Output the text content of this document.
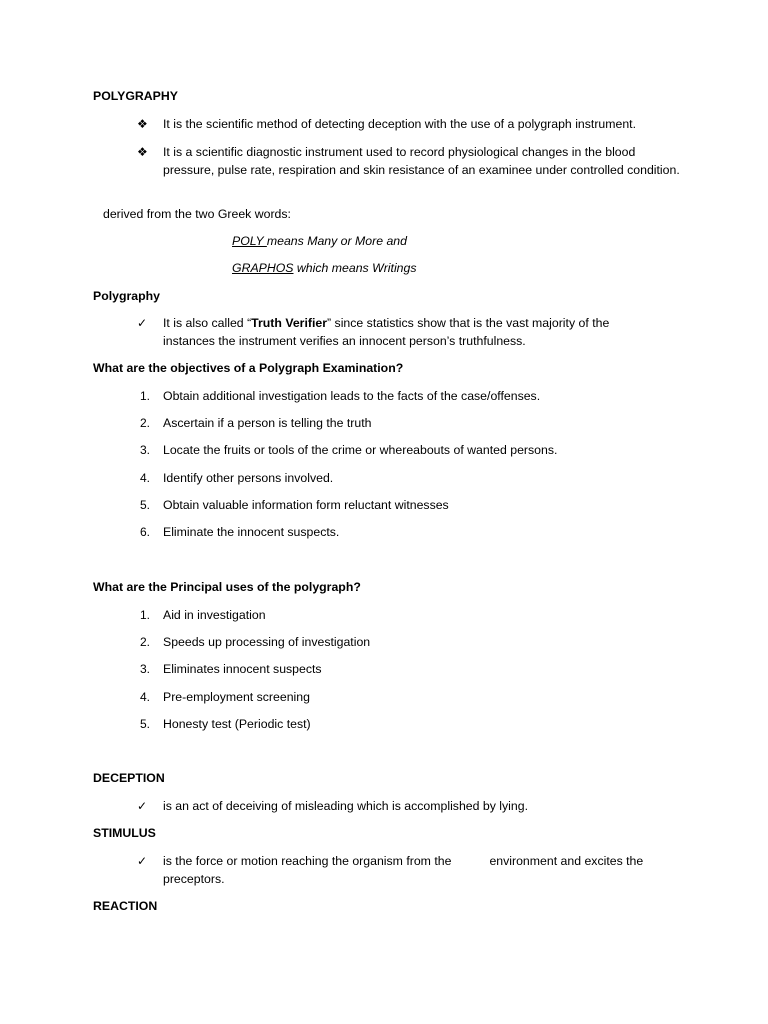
POLYGRAPHY

❖	It is the scientific method of detecting deception with the use of a polygraph instrument.
❖	It is a scientific diagnostic instrument used to record physiological changes in the blood pressure, pulse rate, respiration and skin resistance of an examinee under controlled condition.

derived from the two Greek words:

POLY means Many or More and

GRAPHOS which means Writings

Polygraphy

✓	It is also called “Truth Verifier” since statistics show that is the vast majority of the instances the instrument verifies an innocent person’s truthfulness.

What are the objectives of a Polygraph Examination?

1.	Obtain additional investigation leads to the facts of the case/offenses.
2.	Ascertain if a person is telling the truth
3.	Locate the fruits or tools of the crime or whereabouts of wanted persons.
4.	Identify other persons involved.
5.	Obtain valuable information form reluctant witnesses
6.	Eliminate the innocent suspects.

What are the Principal uses of the polygraph?

1.	Aid in investigation
2.	Speeds up processing of investigation
3.	Eliminates innocent suspects
4.	Pre-employment screening
5.	Honesty test (Periodic test)

DECEPTION

✓	is an act of deceiving of misleading which is accomplished by lying.

STIMULUS

✓	is the force or motion reaching the organism from the	environment and excites the preceptors.

REACTION
